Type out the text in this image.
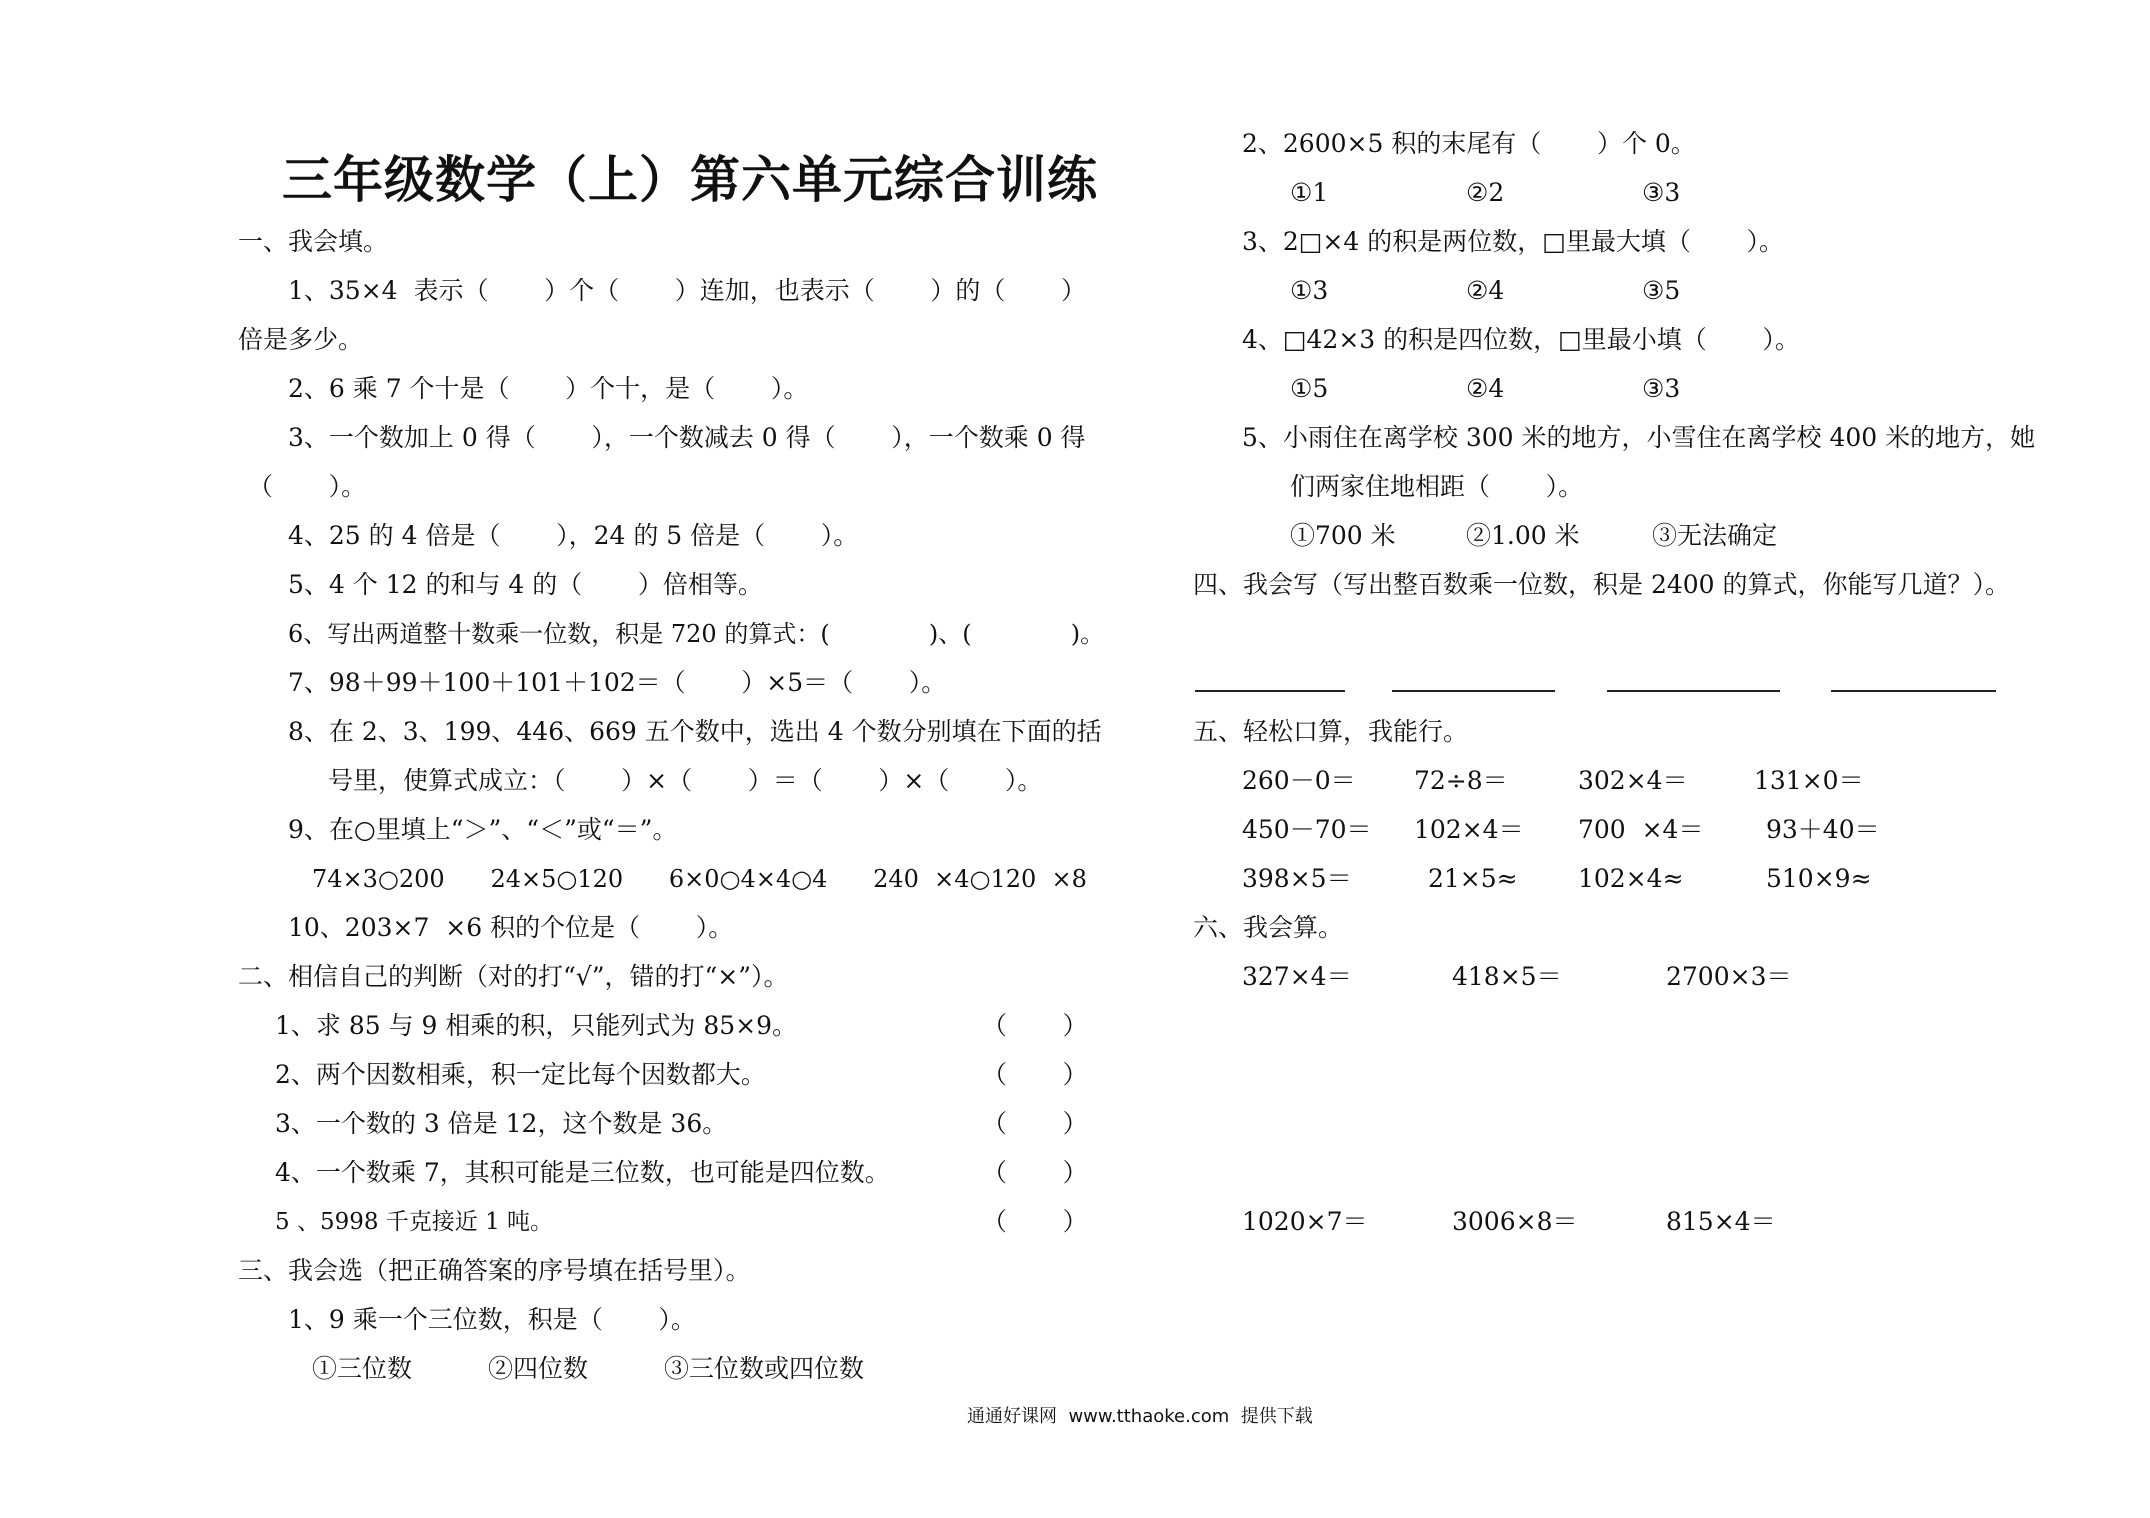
三年级数学（上）第六单元综合训练
一、我会填。
1、35×4  表示（       ）个（       ）连加，也表示（       ）的（       ）
倍是多少。
2、6 乘 7 个十是（       ）个十，是（       ）。
3、一个数加上 0 得（       ），一个数减去 0 得（       ），一个数乘 0 得
（       ）。
4、25 的 4 倍是（       ），24 的 5 倍是（       ）。
5、4 个 12 的和与 4 的（       ）倍相等。
6、写出两道整十数乘一位数，积是 720 的算式：(             )、(             )。
7、98＋99＋100＋101＋102＝（       ）×5＝（       ）。
8、在 2、3、199、446、669 五个数中，选出 4 个数分别填在下面的括
号里，使算式成立：（       ）×（       ）＝（       ）×（       ）。
9、在○里填上“＞”、“＜”或“＝”。
74×3○200      24×5○120      6×0○4×4○4      240  ×4○120  ×8
10、203×7  ×6 积的个位是（       ）。
二、相信自己的判断（对的打“√”，错的打“×”）。
1、求 85 与 9 相乘的积，只能列式为 85×9。	（       ）
2、两个因数相乘，积一定比每个因数都大。	（       ）
3、一个数的 3 倍是 12，这个数是 36。	（       ）
4、一个数乘 7，其积可能是三位数，也可能是四位数。	（       ）
5 、5998 千克接近 1 吨。	（       ）
三、我会选（把正确答案的序号填在括号里）。
1、9 乘一个三位数，积是（       ）。
①三位数	②四位数	③三位数或四位数
2、2600×5 积的末尾有（       ）个 0。
①1	②2	③3
3、2□×4 的积是两位数，□里最大填（       ）。
①3	②4	③5
4、□42×3 的积是四位数，□里最小填（       ）。
①5	②4	③3
5、小雨住在离学校 300 米的地方，小雪住在离学校 400 米的地方，她
们两家住地相距（       ）。
①700 米	②1.00 米	③无法确定
四、我会写（写出整百数乘一位数，积是 2400 的算式，你能写几道？）。
五、轻松口算，我能行。
260－0＝ 72÷8＝	302×4＝	131×0＝
450－70＝ 102×4＝ 700  ×4＝	93＋40＝
398×5＝	21×5≈ 102×4≈	510×9≈
六、我会算。
327×4＝	418×5＝	2700×3＝
1020×7＝	3006×8＝	815×4＝
通通好课网  www.tthaoke.com  提供下载
